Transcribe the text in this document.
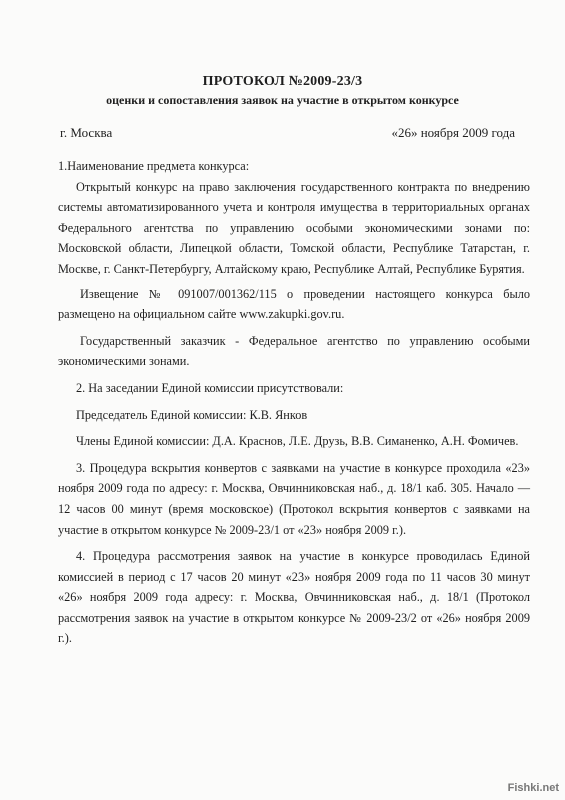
ПРОТОКОЛ №2009-23/3
оценки и сопоставления заявок на участие в открытом конкурсе
г. Москва	«26» ноября 2009 года

1.Наименование предмета конкурса:

Открытый конкурс на право заключения государственного контракта по внедрению системы автоматизированного учета и контроля имущества в территориальных органах Федерального агентства по управлению особыми экономическими зонами по: Московской области, Липецкой области, Томской области, Республике Татарстан, г. Москве, г. Санкт-Петербургу, Алтайскому краю, Республике Алтай, Республике Бурятия.

Извещение № 091007/001362/115 о проведении настоящего конкурса было размещено на официальном сайте www.zakupki.gov.ru.

Государственный заказчик - Федеральное агентство по управлению особыми экономическими зонами.

2. На заседании Единой комиссии присутствовали:

Председатель Единой комиссии: К.В. Янков

Члены Единой комиссии: Д.А. Краснов, Л.Е. Друзь, В.В. Симаненко, А.Н. Фомичев.

3. Процедура вскрытия конвертов с заявками на участие в конкурсе проходила «23» ноября 2009 года по адресу: г. Москва, Овчинниковская наб., д. 18/1 каб. 305. Начало — 12 часов 00 минут (время московское) (Протокол вскрытия конвертов с заявками на участие в открытом конкурсе № 2009-23/1 от «23» ноября 2009 г.).

4. Процедура рассмотрения заявок на участие в конкурсе проводилась Единой комиссией в период с 17 часов 20 минут «23» ноября 2009 года по 11 часов 30 минут «26» ноября 2009 года адресу: г. Москва, Овчинниковская наб., д. 18/1 (Протокол рассмотрения заявок на участие в открытом конкурсе № 2009-23/2 от «26» ноября 2009 г.).

Fishki.net
